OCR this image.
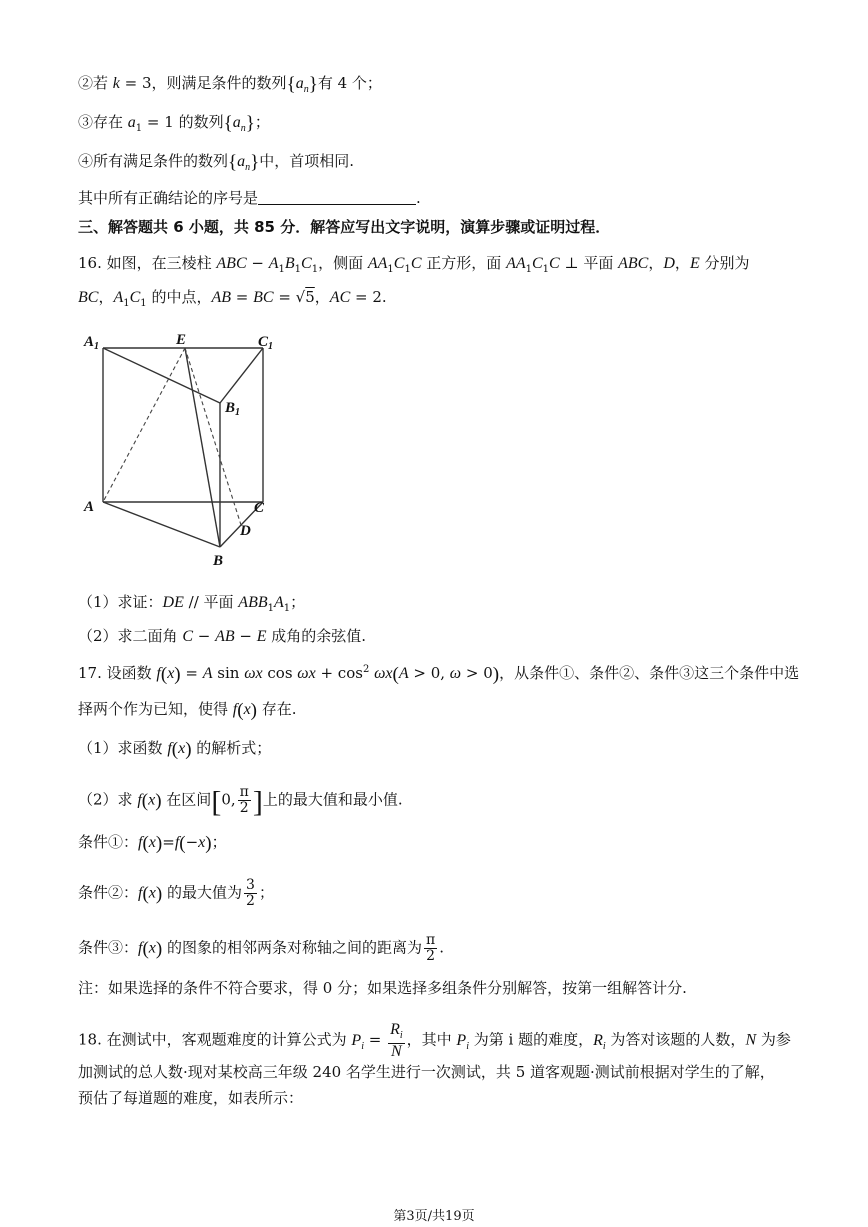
②若 k = 3，则满足条件的数列$\{a_n\}$有 4 个；
③存在 $a_1 = 1$ 的数列$\{a_n\}$；
④所有满足条件的数列$\{a_n\}$中，首项相同.
其中所有正确结论的序号是	.
三、解答题共 6 小题，共 85 分．解答应写出文字说明，演算步骤或证明过程．
16. 如图，在三棱柱 ABC − $A_1B_1C_1$，侧面 $AA_1C_1C$ 正方形，面 $AA_1C_1C$ ⊥ 平面 ABC，D，E 分别为
BC，$A_1C_1$ 的中点，AB = BC = √5，AC = 2.
$A_1$	E	$C_1$
$B_1$
A	C
D
B
（1）求证：DE // 平面 $ABB_1A_1$；
（2）求二面角 C − AB − E 成角的余弦值.
17. 设函数 f(x) = A sin ωx $\cos \omega x + \cos^2 \omega x(A > 0$, ω > 0)，从条件①、条件②、条件③这三个条件中选
择两个作为已知，使得 f(x) 存在.
（1）求函数 f(x) 的解析式；
（2）求 f(x) 在区间[0, $\frac{\pi}{2}$ ]上的最大值和最小值.
条件①：f(x)=f(−x)；
条件②：f(x) 的最大值为 $\frac{3}{2}$ ；
条件③：f(x) 的图象的相邻两条对称轴之间的距离为 $\frac{\pi}{2}$ .
注：如果选择的条件不符合要求，得 0 分；如果选择多组条件分别解答，按第一组解答计分.
18. 在测试中，客观题难度的计算公式为 $P_i = \frac{R_i}{N}$ ，其中 $P_i$ 为第 i 题的难度，$R_i$ 为答对该题的人数，N 为参
加测试的总人数·现对某校高三年级 240 名学生进行一次测试，共 5 道客观题·测试前根据对学生的了解，
预估了每道题的难度，如表所示：
第3页/共19页
